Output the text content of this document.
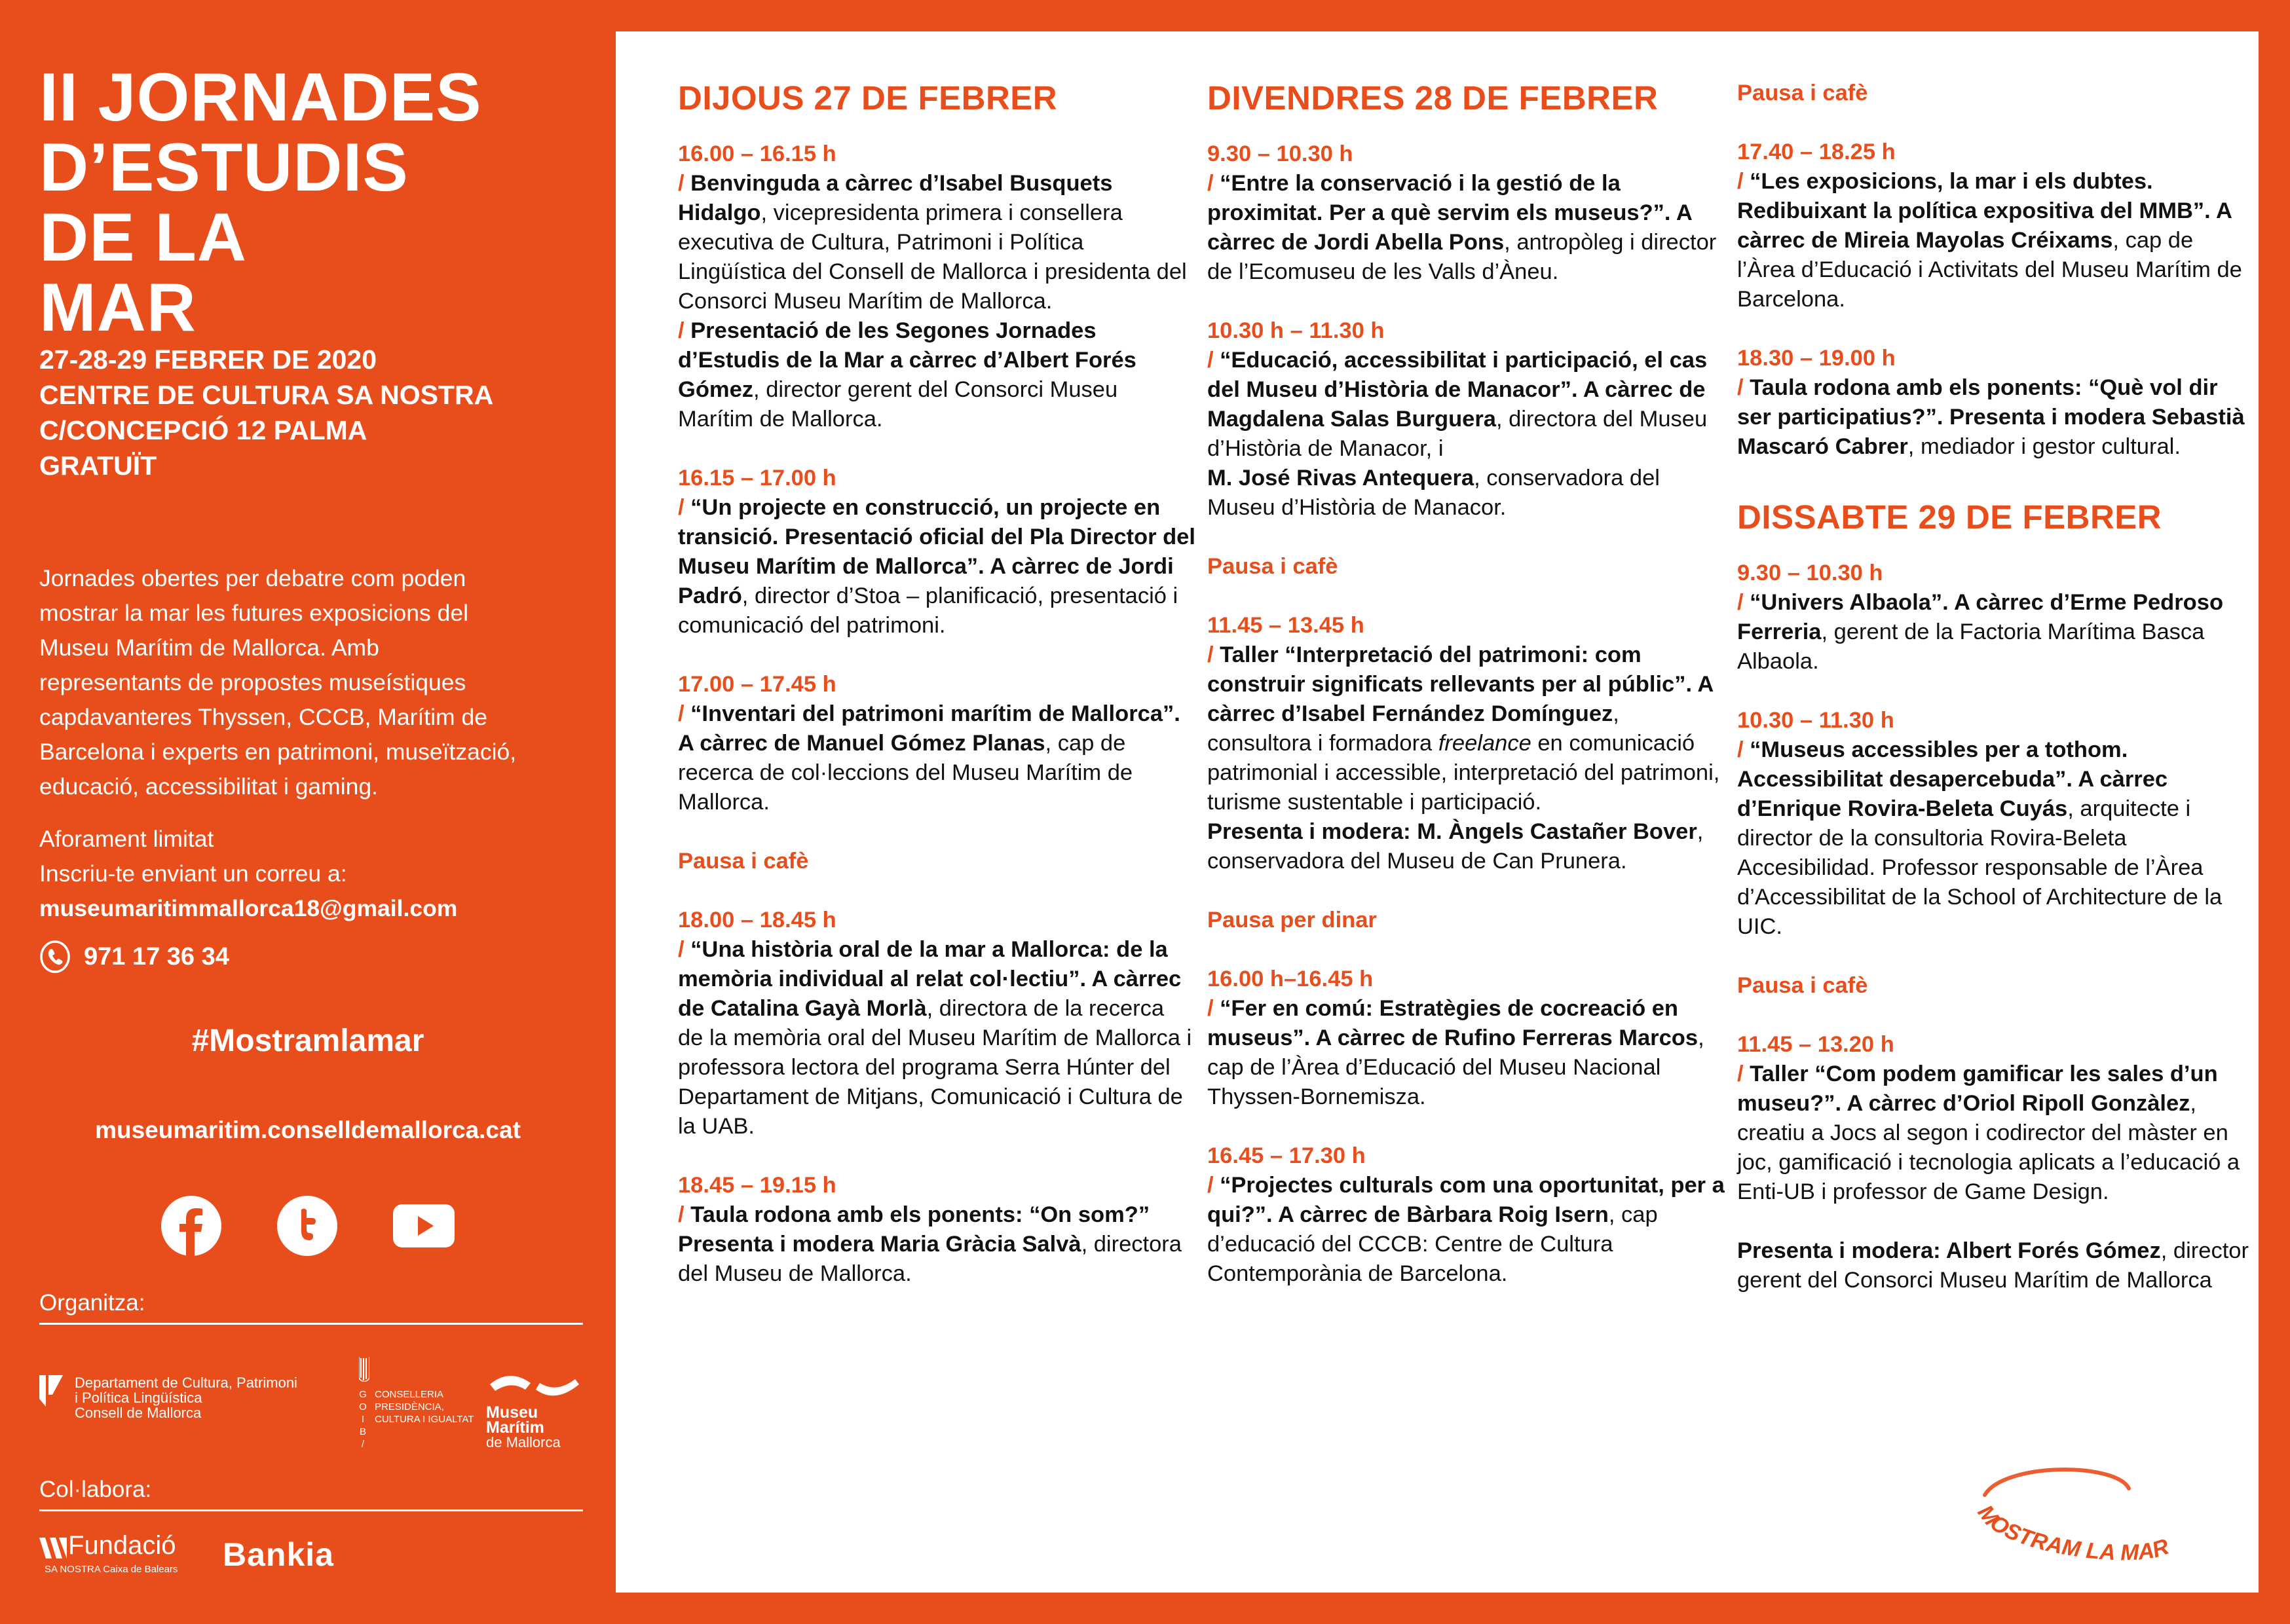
II JORNADES
D’ESTUDIS
DE LA
MAR
27-28-29 FEBRER DE 2020
CENTRE DE CULTURA SA NOSTRA
C/CONCEPCIÓ 12 PALMA
GRATUÏT
Jornades obertes per debatre com poden
mostrar la mar les futures exposicions del
Museu Marítim de Mallorca. Amb
representants de propostes museístiques
capdavanteres Thyssen, CCCB, Marítim de
Barcelona i experts en patrimoni, museïtzació,
educació, accessibilitat i gaming.
Aforament limitat
Inscriu-te enviant un correu a:
museumaritimmallorca18@gmail.com
971 17 36 34
#Mostramlamar
museumaritim.conselldemallorca.cat
Organitza:
Departament de Cultura, Patrimoni
i Política Lingüística
Consell de Mallorca
G
O
I
B
/
CONSELLERIA
PRESIDÈNCIA,
CULTURA I IGUALTAT Museu
Marítim
de Mallorca
Col·labora:
Fundació
SA NOSTRA Caixa de Balears Bankia
DIJOUS 27 DE FEBRER
16.00 – 16.15 h
/ Benvinguda a càrrec d’Isabel Busquets Hidalgo, vicepresidenta primera i consellera executiva de Cultura, Patrimoni i Política Lingüística del Consell de Mallorca i presidenta del Consorci Museu Marítim de Mallorca.
/ Presentació de les Segones Jornades d’Estudis de la Mar a càrrec d’Albert Forés Gómez, director gerent del Consorci Museu Marítim de Mallorca.
16.15 – 17.00 h
/ “Un projecte en construcció, un projecte en transició. Presentació oficial del Pla Director del Museu Marítim de Mallorca”. A càrrec de Jordi Padró, director d’Stoa – planificació, presentació i comunicació del patrimoni.
17.00 – 17.45 h
/ “Inventari del patrimoni marítim de Mallorca”. A càrrec de Manuel Gómez Planas, cap de recerca de col·leccions del Museu Marítim de Mallorca.
Pausa i cafè
18.00 – 18.45 h
/ “Una història oral de la mar a Mallorca: de la memòria individual al relat col·lectiu”. A càrrec de Catalina Gayà Morlà, directora de la recerca de la memòria oral del Museu Marítim de Mallorca i professora lectora del programa Serra Húnter del Departament de Mitjans, Comunicació i Cultura de la UAB.
18.45 – 19.15 h
/ Taula rodona amb els ponents: “On som?”
Presenta i modera Maria Gràcia Salvà, directora del Museu de Mallorca.
DIVENDRES 28 DE FEBRER
9.30 – 10.30 h
/ “Entre la conservació i la gestió de la proximitat. Per a què servim els museus?”. A càrrec de Jordi Abella Pons, antropòleg i director de l’Ecomuseu de les Valls d’Àneu.
10.30 h – 11.30 h
/ “Educació, accessibilitat i participació, el cas del Museu d’Història de Manacor”. A càrrec de Magdalena Salas Burguera, directora del Museu d’Història de Manacor, i
M. José Rivas Antequera, conservadora del Museu d’Història de Manacor.
Pausa i cafè
11.45 – 13.45 h
/ Taller “Interpretació del patrimoni: com construir significats rellevants per al públic”. A càrrec d’Isabel Fernández Domínguez, consultora i formadora freelance en comunicació patrimonial i accessible, interpretació del patrimoni, turisme sustentable i participació.
Presenta i modera: M. Àngels Castañer Bover, conservadora del Museu de Can Prunera.
Pausa per dinar
16.00 h–16.45 h
/ “Fer en comú: Estratègies de cocreació en museus”. A càrrec de Rufino Ferreras Marcos, cap de l’Àrea d’Educació del Museu Nacional Thyssen-Bornemisza.
16.45 – 17.30 h
/ “Projectes culturals com una oportunitat, per a qui?”. A càrrec de Bàrbara Roig Isern, cap d’educació del CCCB: Centre de Cultura Contemporània de Barcelona.
Pausa i cafè
17.40 – 18.25 h
/ “Les exposicions, la mar i els dubtes. Redibuixant la política expositiva del MMB”. A càrrec de Mireia Mayolas Créixams, cap de l’Àrea d’Educació i Activitats del Museu Marítim de Barcelona.
18.30 – 19.00 h
/ Taula rodona amb els ponents: “Què vol dir ser participatius?”. Presenta i modera Sebastià Mascaró Cabrer, mediador i gestor cultural.
DISSABTE 29 DE FEBRER
9.30 – 10.30 h
/ “Univers Albaola”. A càrrec d’Erme Pedroso Ferreria, gerent de la Factoria Marítima Basca Albaola.
10.30 – 11.30 h
/ “Museus accessibles per a tothom. Accessibilitat desapercebuda”. A càrrec d’Enrique Rovira-Beleta Cuyás, arquitecte i director de la consultoria Rovira-Beleta Accesibilidad. Professor responsable de l’Àrea d’Accessibilitat de la School of Architecture de la UIC.
Pausa i cafè
11.45 – 13.20 h
/ Taller “Com podem gamificar les sales d’un museu?”. A càrrec d’Oriol Ripoll Gonzàlez, creatiu a Jocs al segon i codirector del màster en joc, gamificació i tecnologia aplicats a l’educació a Enti-UB i professor de Game Design.
Presenta i modera: Albert Forés Gómez, director gerent del Consorci Museu Marítim de Mallorca
MOSTRAM LA MAR
